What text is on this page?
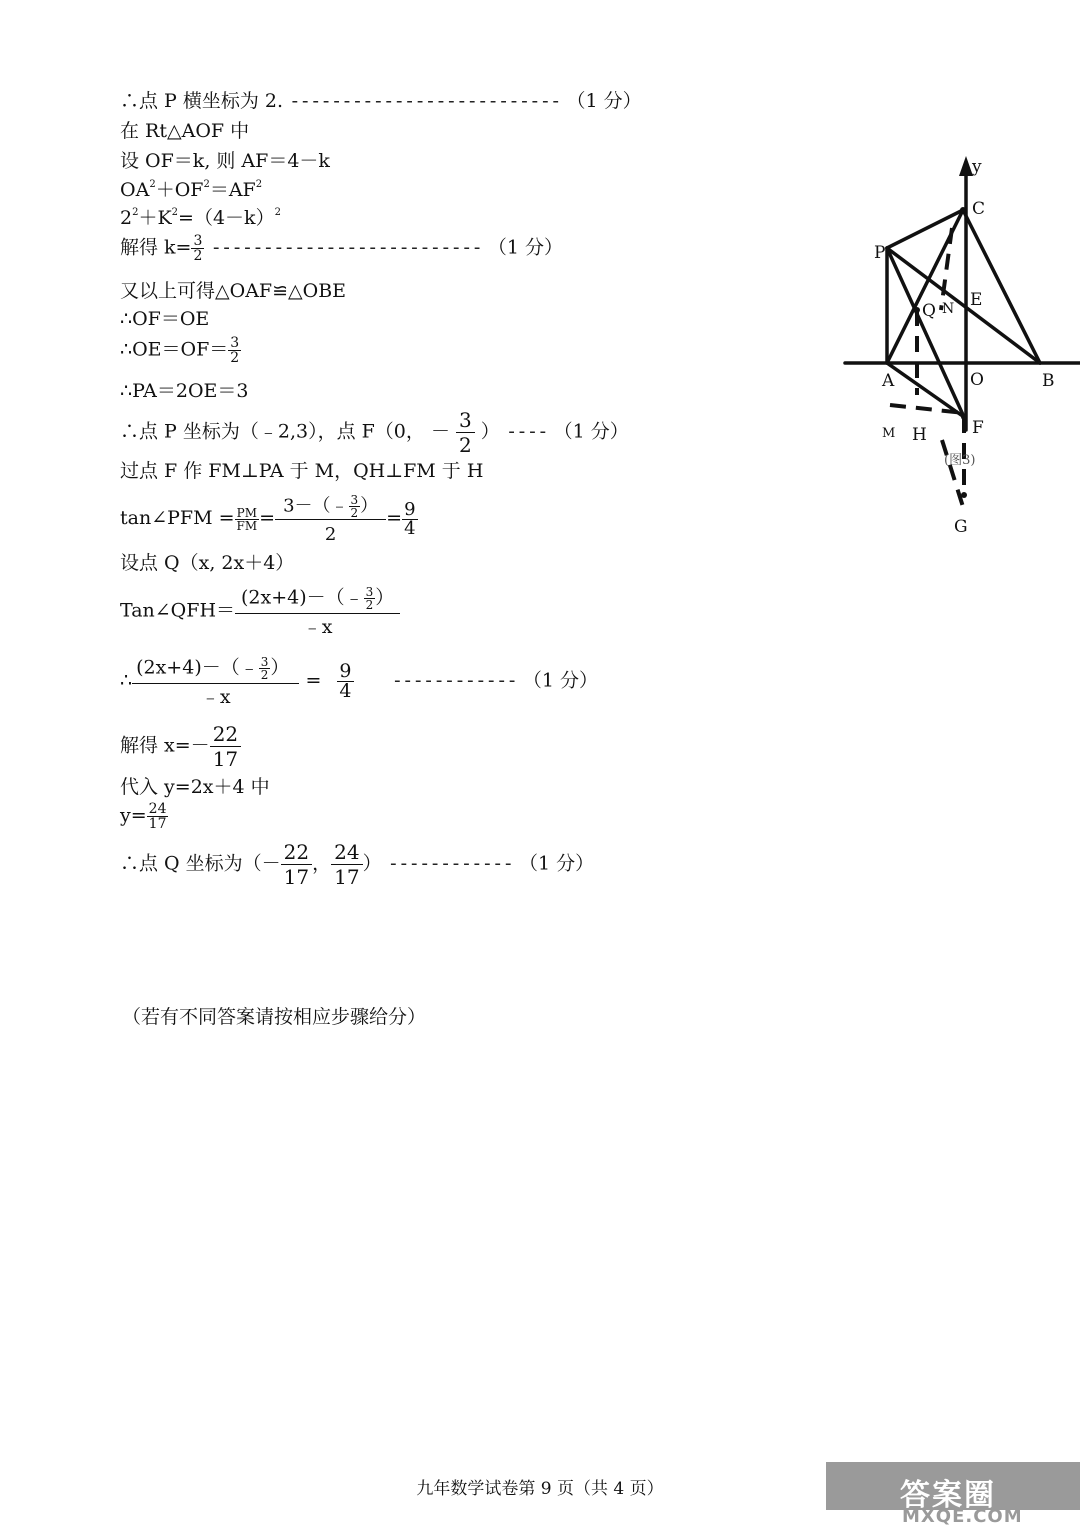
∴点 P 横坐标为 2. -------------------------- （1 分）
在 Rt△AOF 中
设 OF＝k, 则 AF＝4－k
$OA^2+OF^2=AF^2$
$2^2+K^2=(4-k)^2$
解得 $k= \frac{3}{2}$ -------------------------- （1 分）
又以上可得△OAF≌△OBE
∴OF＝OE
∴OE＝OF＝ $\frac{3}{2}$
∴PA＝2OE＝3
∴点 P 坐标为（﹣2,3），点 F（0， － $\frac{3}{2}$ ） ---- （1 分）
过点 F 作 FM⊥PA 于 M，QH⊥FM 于 H
tan∠PFM = $\frac{PM}{FM} = \frac{3-(﹣ \frac{3}{2} )}{2} = \frac{9}{4}$
设点 Q（x, 2x＋4）
Tan∠QFH＝ $\frac{(2x+4)-(﹣ \frac{3}{2} )}{﹣x}$
∴ $\frac{(2x+4)-(﹣ \frac{3}{2} )}{﹣x} = \frac{9}{4}$ ------------ （1 分）
解得 $x=- \frac{22}{17}$
代入 y=2x＋4 中
$y= \frac{24}{17}$
∴点 Q 坐标为（－ $\frac{22}{17}$ ， $\frac{24}{17}$ ） ------------ （1 分）
（若有不同答案请按相应步骤给分）
y
C
P
Q N E
A	O	B
M H	F
G
(图3)
九年数学试卷第 9 页（共 4 页）	答案圈
MXQE.COM
